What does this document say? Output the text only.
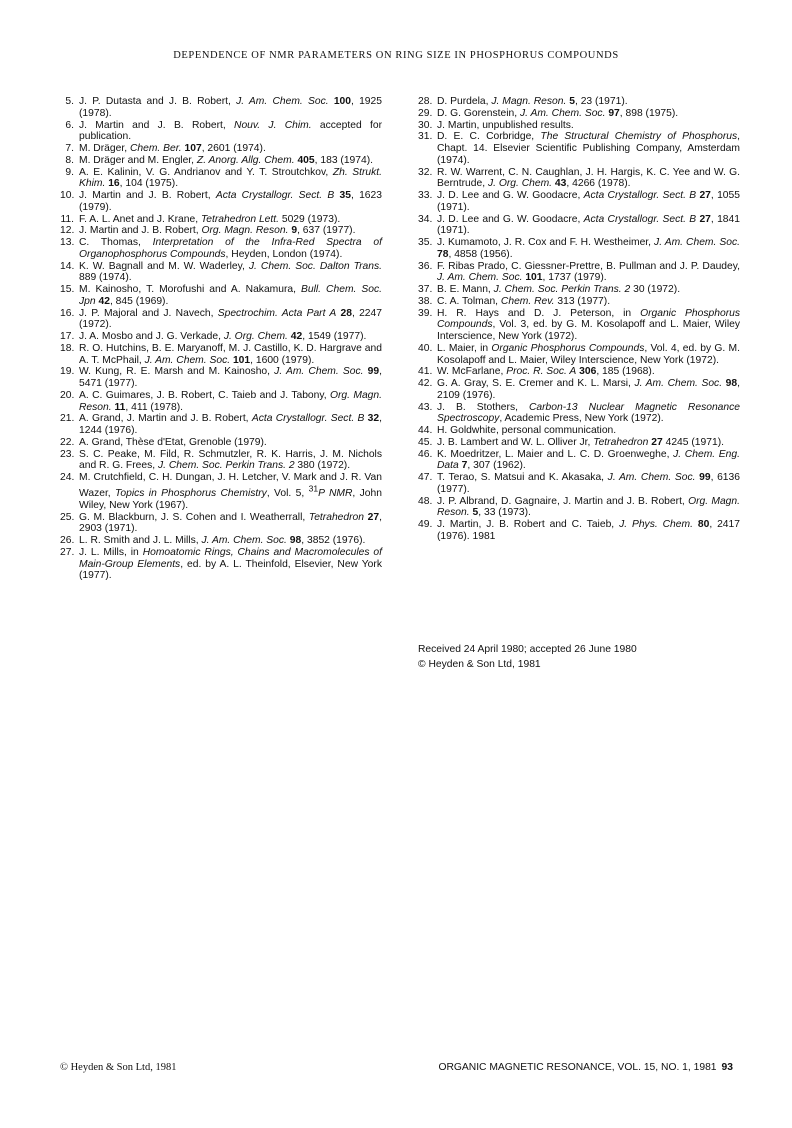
DEPENDENCE OF NMR PARAMETERS ON RING SIZE IN PHOSPHORUS COMPOUNDS

5. J. P. Dutasta and J. B. Robert, J. Am. Chem. Soc. 100, 1925 (1978).

6. J. Martin and J. B. Robert, Nouv. J. Chim. accepted for publication.

7. M. Dräger, Chem. Ber. 107, 2601 (1974).

8. M. Dräger and M. Engler, Z. Anorg. Allg. Chem. 405, 183 (1974).

9. A. E. Kalinin, V. G. Andrianov and Y. T. Stroutchkov, Zh. Strukt. Khim. 16, 104 (1975).

10. J. Martin and J. B. Robert, Acta Crystallogr. Sect. B 35, 1623 (1979).

11. F. A. L. Anet and J. Krane, Tetrahedron Lett. 5029 (1973).

12. J. Martin and J. B. Robert, Org. Magn. Reson. 9, 637 (1977).

13. C. Thomas, Interpretation of the Infra-Red Spectra of Organophosphorus Compounds, Heyden, London (1974).

14. K. W. Bagnall and M. W. Waderley, J. Chem. Soc. Dalton Trans. 889 (1974).

15. M. Kainosho, T. Morofushi and A. Nakamura, Bull. Chem. Soc. Jpn 42, 845 (1969).

16. J. P. Majoral and J. Navech, Spectrochim. Acta Part A 28, 2247 (1972).

17. J. A. Mosbo and J. G. Verkade, J. Org. Chem. 42, 1549 (1977).

18. R. O. Hutchins, B. E. Maryanoff, M. J. Castillo, K. D. Hargrave and A. T. McPhail, J. Am. Chem. Soc. 101, 1600 (1979).

19. W. Kung, R. E. Marsh and M. Kainosho, J. Am. Chem. Soc. 99, 5471 (1977).

20. A. C. Guimares, J. B. Robert, C. Taieb and J. Tabony, Org. Magn. Reson. 11, 411 (1978).

21. A. Grand, J. Martin and J. B. Robert, Acta Crystallogr. Sect. B 32, 1244 (1976).

22. A. Grand, Thèse d'Etat, Grenoble (1979).

23. S. C. Peake, M. Fild, R. Schmutzler, R. K. Harris, J. M. Nichols and R. G. Frees, J. Chem. Soc. Perkin Trans. 2 380 (1972).

24. M. Crutchfield, C. H. Dungan, J. H. Letcher, V. Mark and J. R. Van Wazer, Topics in Phosphorus Chemistry, Vol. 5, $^{31}$P NMR, John Wiley, New York (1967).

25. G. M. Blackburn, J. S. Cohen and I. Weatherrall, Tetrahedron 27, 2903 (1971).

26. L. R. Smith and J. L. Mills, J. Am. Chem. Soc. 98, 3852 (1976).

27. J. L. Mills, in Homoatomic Rings, Chains and Macromolecules of Main-Group Elements, ed. by A. L. Theinfold, Elsevier, New York (1977).

28. D. Purdela, J. Magn. Reson. 5, 23 (1971).

29. D. G. Gorenstein, J. Am. Chem. Soc. 97, 898 (1975).

30. J. Martin, unpublished results.

31. D. E. C. Corbridge, The Structural Chemistry of Phosphorus, Chapt. 14. Elsevier Scientific Publishing Company, Amsterdam (1974).

32. R. W. Warrent, C. N. Caughlan, J. H. Hargis, K. C. Yee and W. G. Berntrude, J. Org. Chem. 43, 4266 (1978).

33. J. D. Lee and G. W. Goodacre, Acta Crystallogr. Sect. B 27, 1055 (1971).

34. J. D. Lee and G. W. Goodacre, Acta Crystallogr. Sect. B 27, 1841 (1971).

35. J. Kumamoto, J. R. Cox and F. H. Westheimer, J. Am. Chem. Soc. 78, 4858 (1956).

36. F. Ribas Prado, C. Giessner-Prettre, B. Pullman and J. P. Daudey, J. Am. Chem. Soc. 101, 1737 (1979).

37. B. E. Mann, J. Chem. Soc. Perkin Trans. 2 30 (1972).

38. C. A. Tolman, Chem. Rev. 313 (1977).

39. H. R. Hays and D. J. Peterson, in Organic Phosphorus Compounds, Vol. 3, ed. by G. M. Kosolapoff and L. Maier, Wiley Interscience, New York (1972).

40. L. Maier, in Organic Phosphorus Compounds, Vol. 4, ed. by G. M. Kosolapoff and L. Maier, Wiley Interscience, New York (1972).

41. W. McFarlane, Proc. R. Soc. A 306, 185 (1968).

42. G. A. Gray, S. E. Cremer and K. L. Marsi, J. Am. Chem. Soc. 98, 2109 (1976).

43. J. B. Stothers, Carbon-13 Nuclear Magnetic Resonance Spectroscopy, Academic Press, New York (1972).

44. H. Goldwhite, personal communication.

45. J. B. Lambert and W. L. Olliver Jr, Tetrahedron 27 4245 (1971).

46. K. Moedritzer, L. Maier and L. C. D. Groenweghe, J. Chem. Eng. Data 7, 307 (1962).

47. T. Terao, S. Matsui and K. Akasaka, J. Am. Chem. Soc. 99, 6136 (1977).

48. J. P. Albrand, D. Gagnaire, J. Martin and J. B. Robert, Org. Magn. Reson. 5, 33 (1973).

49. J. Martin, J. B. Robert and C. Taieb, J. Phys. Chem. 80, 2417 (1976). 1981

Received 24 April 1980; accepted 26 June 1980
© Heyden & Son Ltd, 1981
© Heyden & Son Ltd, 1981	ORGANIC MAGNETIC RESONANCE, VOL. 15, NO. 1, 1981 93
